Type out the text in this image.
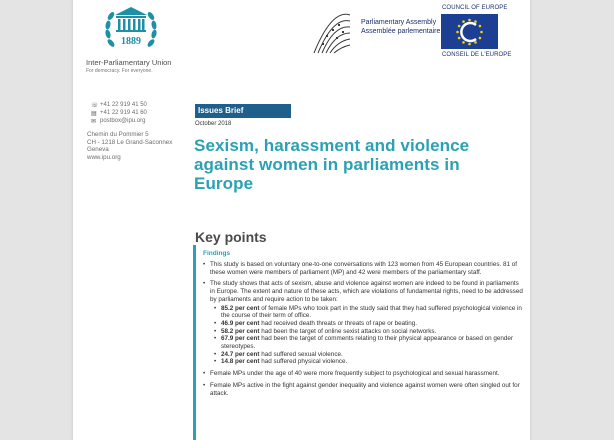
1889
Inter-Parliamentary Union
For democracy. For everyone.
Parliamentary Assembly
Assemblée parlementaire
COUNCIL OF EUROPE
CONSEIL DE L'EUROPE
☏ +41 22 919 41 50
▤ +41 22 919 41 60
✉ postbox@ipu.org
Chemin du Pommier 5
CH - 1218 Le Grand-Saconnex
Geneva
www.ipu.org
Issues Brief
October 2018
Sexism, harassment and violence against women in parliaments in Europe
Key points
Findings
• This study is based on voluntary one-to-one conversations with 123 women from 45 European countries. 81 of these women were members of parliament (MP) and 42 were members of the parliamentary staff.
• The study shows that acts of sexism, abuse and violence against women are indeed to be found in parliaments in Europe. The extent and nature of these acts, which are violations of fundamental rights, need to be addressed by parliaments and require action to be taken:
• 85.2 per cent of female MPs who took part in the study said that they had suffered psychological violence in the course of their term of office.
• 46.9 per cent had received death threats or threats of rape or beating.
• 58.2 per cent had been the target of online sexist attacks on social networks.
• 67.9 per cent had been the target of comments relating to their physical appearance or based on gender stereotypes.
• 24.7 per cent had suffered sexual violence.
• 14.8 per cent had suffered physical violence.
• Female MPs under the age of 40 were more frequently subject to psychological and sexual harassment.
• Female MPs active in the fight against gender inequality and violence against women were often singled out for attack.
